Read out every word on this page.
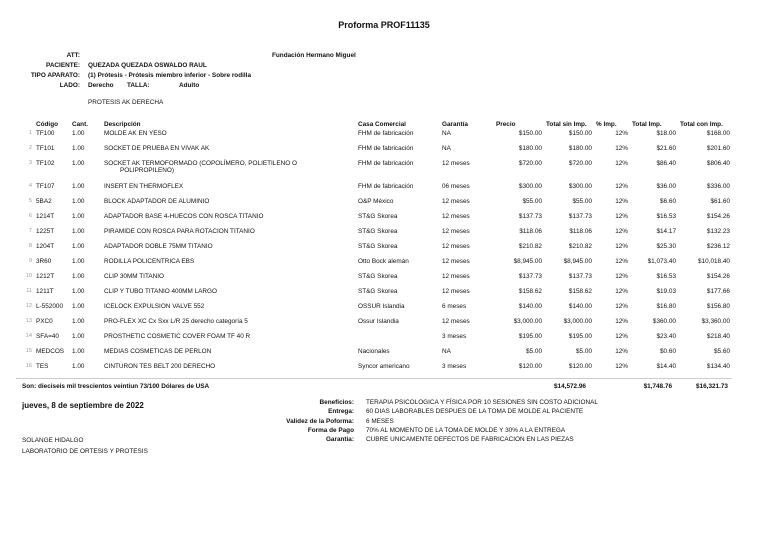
Proforma PROF11135
ATT:	Fundación Hermano Miguel
PACIENTE: QUEZADA QUEZADA OSWALDO RAUL
TIPO APARATO: (1) Prótesis - Prótesis miembro inferior - Sobre rodilla
LADO: Derecho TALLA:	Adulto
PROTESIS AK DERECHA
	Código	Cant.	Descripción	Casa Comercial	Garantía	Precio	Total sin Imp.	% Imp.	Total Imp.	Total con Imp.
1	TF100	1.00	MOLDE AK EN YESO	FHM de fabricación	NA	$150.00	$150.00	12%	$18.00	$168.00
2	TF101	1.00	SOCKET DE PRUEBA EN VIVAK AK	FHM de fabricación	NA	$180.00	$180.00	12%	$21.60	$201.60
3	TF102	1.00	SOCKET AK TERMOFORMADO (COPOLÍMERO, POLIETILENO O
POLIPROPILENO)	FHM de fabricación	12 meses	$720.00	$720.00	12%	$86.40	$806.40
4	TF107	1.00	INSERT EN THERMOFLEX	FHM de fabricación	06 meses	$300.00	$300.00	12%	$36.00	$336.00
5	5BA2	1.00	BLOCK ADAPTADOR DE ALUMINIO	O&P México	12 meses	$55.00	$55.00	12%	$6.60	$61.60
6	1214T	1.00	ADAPTADOR BASE 4-HUECOS CON ROSCA TITANIO	ST&G Skorea	12 meses	$137.73	$137.73	12%	$16.53	$154.26
7	1225T	1.00	PIRAMIDE CON ROSCA PARA ROTACION TITANIO	ST&G Skorea	12 meses	$118.06	$118.06	12%	$14.17	$132.23
8	1204T	1.00	ADAPTADOR DOBLE 75MM TITANIO	ST&G Skorea	12 meses	$210.82	$210.82	12%	$25.30	$236.12
9	3R60	1.00	RODILLA POLICENTRICA EBS	Otto Bock alemán	12 meses	$8,945.00	$8,945.00	12%	$1,073.40	$10,018.40
10	1212T	1.00	CLIP 30MM TITANIO	ST&G Skorea	12 meses	$137.73	$137.73	12%	$16.53	$154.26
11	1211T	1.00	CLIP Y TUBO TITANIO 400MM LARGO	ST&G Skorea	12 meses	$158.62	$158.62	12%	$19.03	$177.66
12	L-552000	1.00	ICELOCK EXPULSION VALVE 552	OSSUR Islandia	6 meses	$140.00	$140.00	12%	$16.80	$156.80
13	PXC0	1.00	PRO-FLEX XC Cx Sxx L/R 25 derecho categoría 5	Ossur Islandia	12 meses	$3,000.00	$3,000.00	12%	$360.00	$3,360.00
14	SFA=40	1.00	PROSTHETIC COSMETIC COVER FOAM TF 40 R		3 meses	$195.00	$195.00	12%	$23.40	$218.40
15	MEDCOS	1.00	MEDIAS COSMETICAS DE PERLON	Nacionales	NA	$5.00	$5.00	12%	$0.60	$5.60
16	TES	1.00	CINTURON TES BELT 200 DERECHO	Syncor americano	3 meses	$120.00	$120.00	12%	$14.40	$134.40
Son: dieciseis mil trescientos veintiun 73/100 Dólares de USA	$14,572.96	$1,748.76	$16,321.73
jueves, 8 de septiembre de 2022	Beneficios: TERAPIA PSICOLOGICA Y FÍSICA POR 10 SESIONES SIN COSTO ADICIONAL
Entrega: 60 DIAS LABORABLES DESPUES DE LA TOMA DE MOLDE AL PACIENTE
Validez de la Poforma: 6 MESES
Forma de Pago 70% AL MOMENTO DE LA TOMA DE MOLDE Y 30% A LA ENTREGA
Garantia: CUBRE UNICAMENTE DEFECTOS DE FABRICACION EN LAS PIEZAS
SOLANGE HIDALGO
LABORATORIO DE ORTESIS Y PROTESIS
